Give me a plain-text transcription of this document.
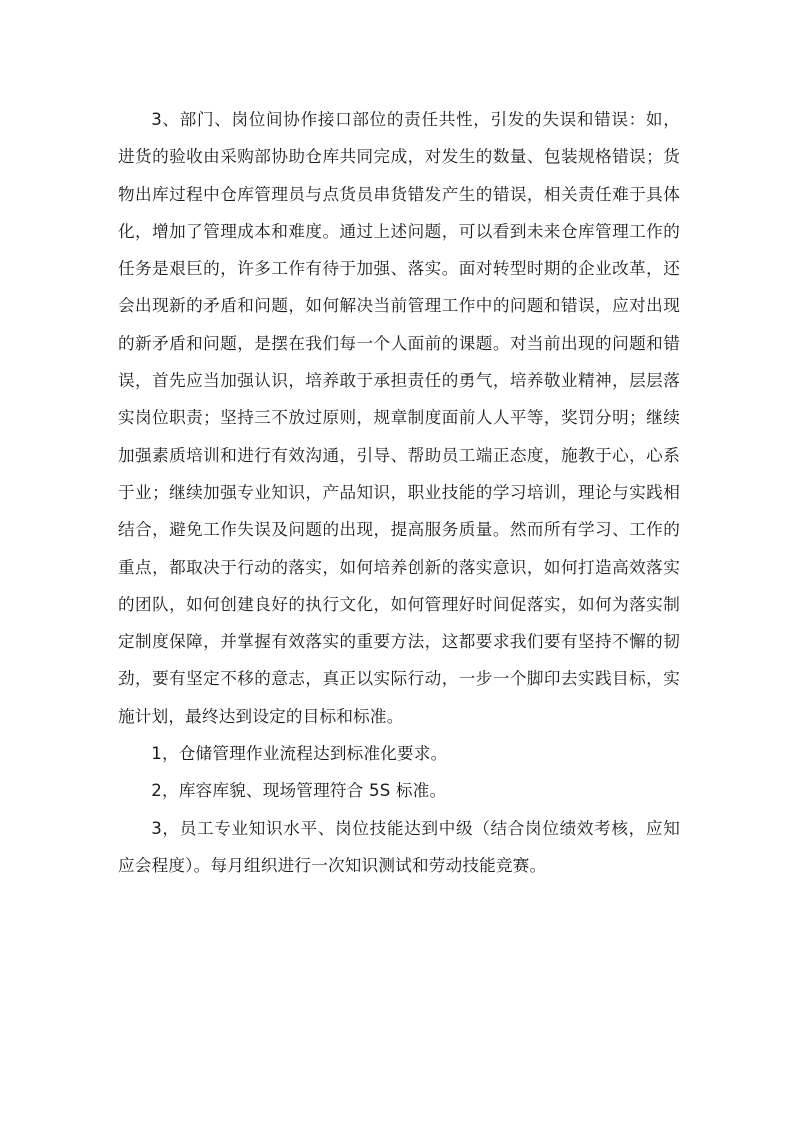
3、部门、岗位间协作接口部位的责任共性，引发的失误和错误：如，进货的验收由采购部协助仓库共同完成，对发生的数量、包装规格错误；货物出库过程中仓库管理员与点货员串货错发产生的错误，相关责任难于具体化，增加了管理成本和难度。通过上述问题，可以看到未来仓库管理工作的任务是艰巨的，许多工作有待于加强、落实。面对转型时期的企业改革，还会出现新的矛盾和问题，如何解决当前管理工作中的问题和错误，应对出现的新矛盾和问题，是摆在我们每一个人面前的课题。对当前出现的问题和错误，首先应当加强认识，培养敢于承担责任的勇气，培养敬业精神，层层落实岗位职责；坚持三不放过原则，规章制度面前人人平等，奖罚分明；继续加强素质培训和进行有效沟通，引导、帮助员工端正态度，施教于心，心系于业；继续加强专业知识，产品知识，职业技能的学习培训，理论与实践相结合，避免工作失误及问题的出现，提高服务质量。然而所有学习、工作的重点，都取决于行动的落实，如何培养创新的落实意识，如何打造高效落实的团队，如何创建良好的执行文化，如何管理好时间促落实，如何为落实制定制度保障，并掌握有效落实的重要方法，这都要求我们要有坚持不懈的韧劲，要有坚定不移的意志，真正以实际行动，一步一个脚印去实践目标，实施计划，最终达到设定的目标和标准。

1，仓储管理作业流程达到标准化要求。

2，库容库貌、现场管理符合 5S 标准。

3，员工专业知识水平、岗位技能达到中级（结合岗位绩效考核，应知应会程度）。每月组织进行一次知识测试和劳动技能竞赛。
